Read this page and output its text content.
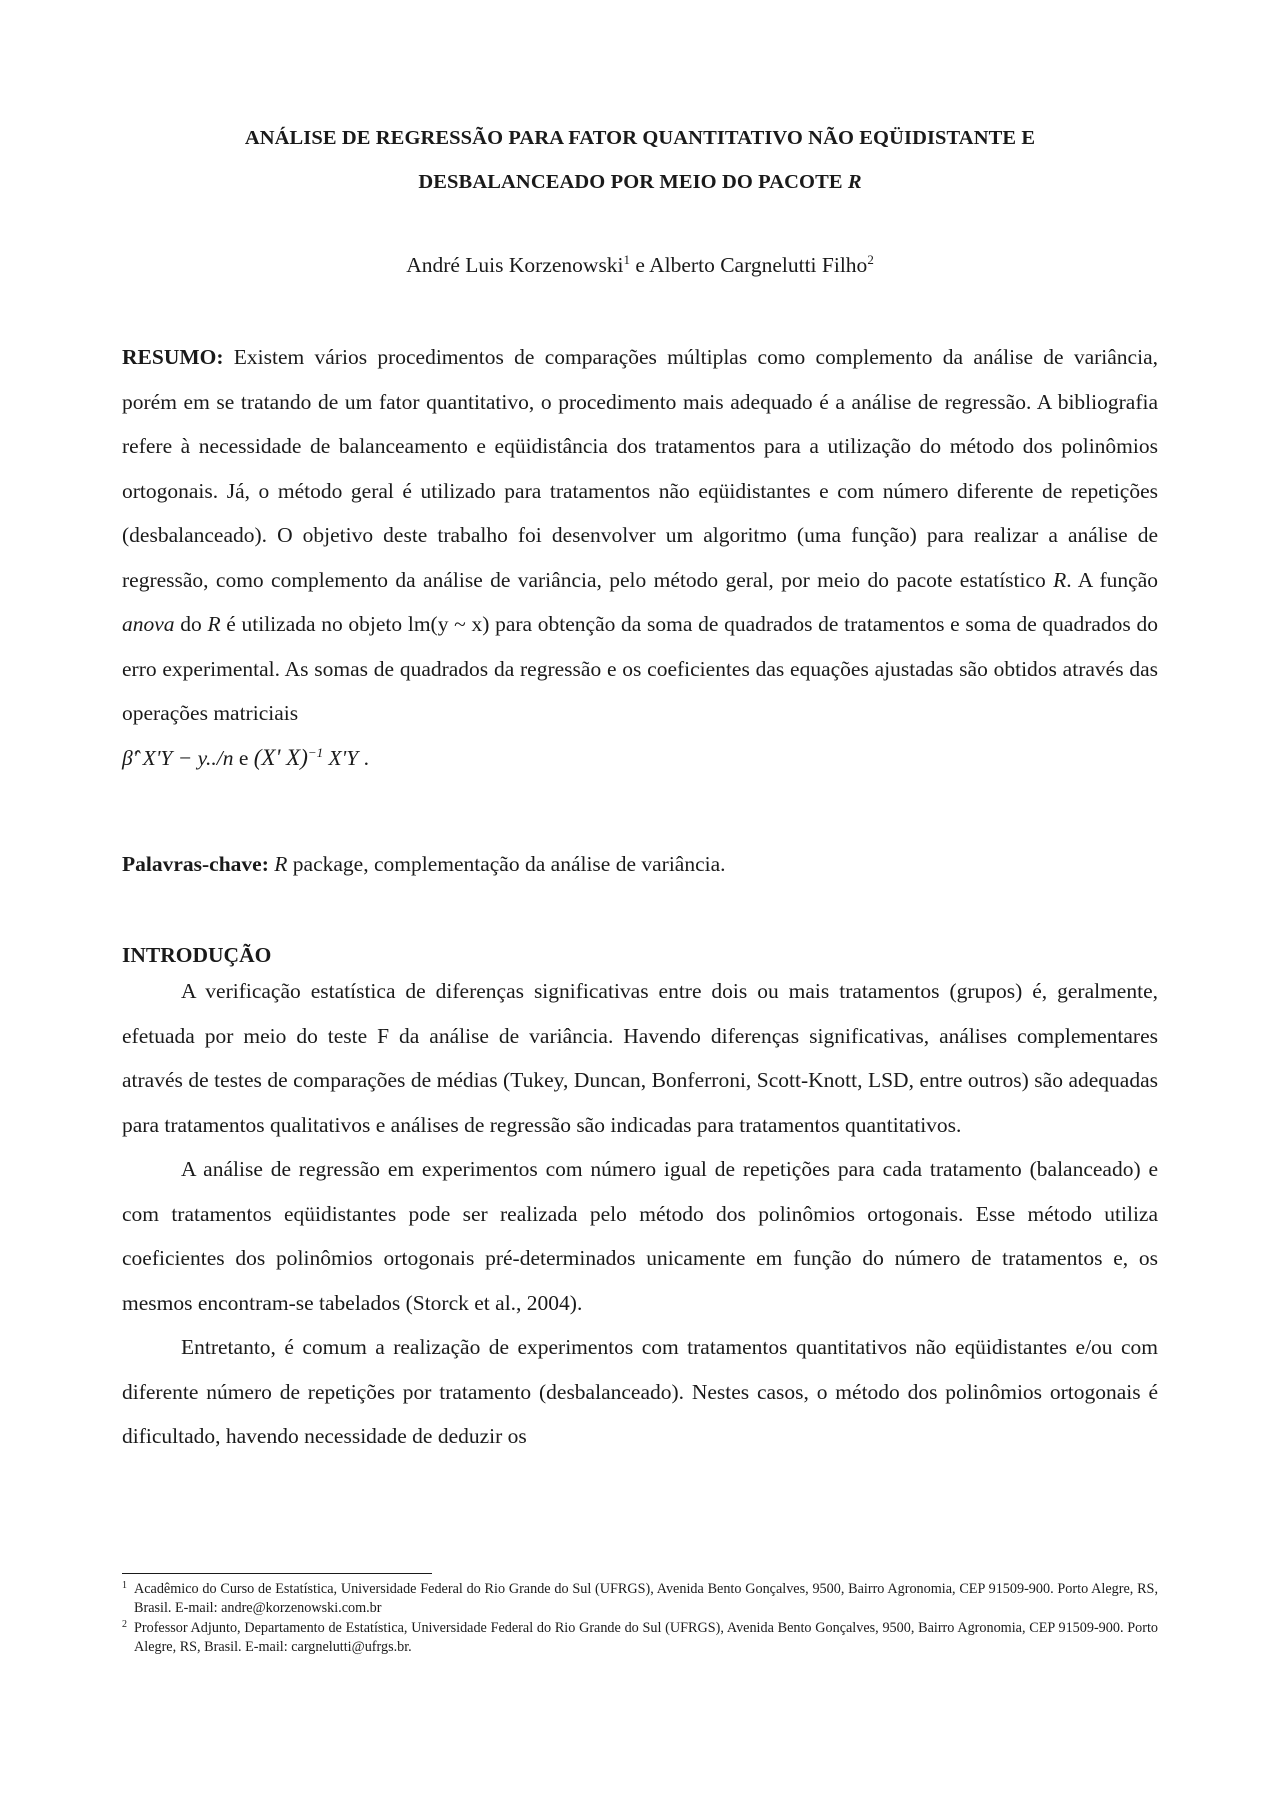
ANÁLISE DE REGRESSÃO PARA FATOR QUANTITATIVO NÃO EQÜIDISTANTE E
DESBALANCEADO POR MEIO DO PACOTE R
André Luis Korzenowski$^1$ e Alberto Cargnelutti Filho$^2$

RESUMO: Existem vários procedimentos de comparações múltiplas como complemento da análise de variância, porém em se tratando de um fator quantitativo, o procedimento mais adequado é a análise de regressão. A bibliografia refere à necessidade de balanceamento e eqüidistância dos tratamentos para a utilização do método dos polinômios ortogonais. Já, o método geral é utilizado para tratamentos não eqüidistantes e com número diferente de repetições (desbalanceado). O objetivo deste trabalho foi desenvolver um algoritmo (uma função) para realizar a análise de regressão, como complemento da análise de variância, pelo método geral, por meio do pacote estatístico R. A função anova do R é utilizada no objeto lm(y ~ x) para obtenção da soma de quadrados de tratamentos e soma de quadrados do erro experimental. As somas de quadrados da regressão e os coeficientes das equações ajustadas são obtidos através das operações matriciais

β̂' X'Y − y../n e (X' X)$^{-1}$ X'Y .

Palavras-chave: R package, complementação da análise de variância.

INTRODUÇÃO

A verificação estatística de diferenças significativas entre dois ou mais tratamentos (grupos) é, geralmente, efetuada por meio do teste F da análise de variância. Havendo diferenças significativas, análises complementares através de testes de comparações de médias (Tukey, Duncan, Bonferroni, Scott-Knott, LSD, entre outros) são adequadas para tratamentos qualitativos e análises de regressão são indicadas para tratamentos quantitativos.

A análise de regressão em experimentos com número igual de repetições para cada tratamento (balanceado) e com tratamentos eqüidistantes pode ser realizada pelo método dos polinômios ortogonais. Esse método utiliza coeficientes dos polinômios ortogonais pré-determinados unicamente em função do número de tratamentos e, os mesmos encontram-se tabelados (Storck et al., 2004).

Entretanto, é comum a realização de experimentos com tratamentos quantitativos não eqüidistantes e/ou com diferente número de repetições por tratamento (desbalanceado). Nestes casos, o método dos polinômios ortogonais é dificultado, havendo necessidade de deduzir os

1 Acadêmico do Curso de Estatística, Universidade Federal do Rio Grande do Sul (UFRGS), Avenida Bento Gonçalves, 9500, Bairro Agronomia, CEP 91509-900. Porto Alegre, RS, Brasil. E-mail: andre@korzenowski.com.br

2 Professor Adjunto, Departamento de Estatística, Universidade Federal do Rio Grande do Sul (UFRGS), Avenida Bento Gonçalves, 9500, Bairro Agronomia, CEP 91509-900. Porto Alegre, RS, Brasil. E-mail: cargnelutti@ufrgs.br.
